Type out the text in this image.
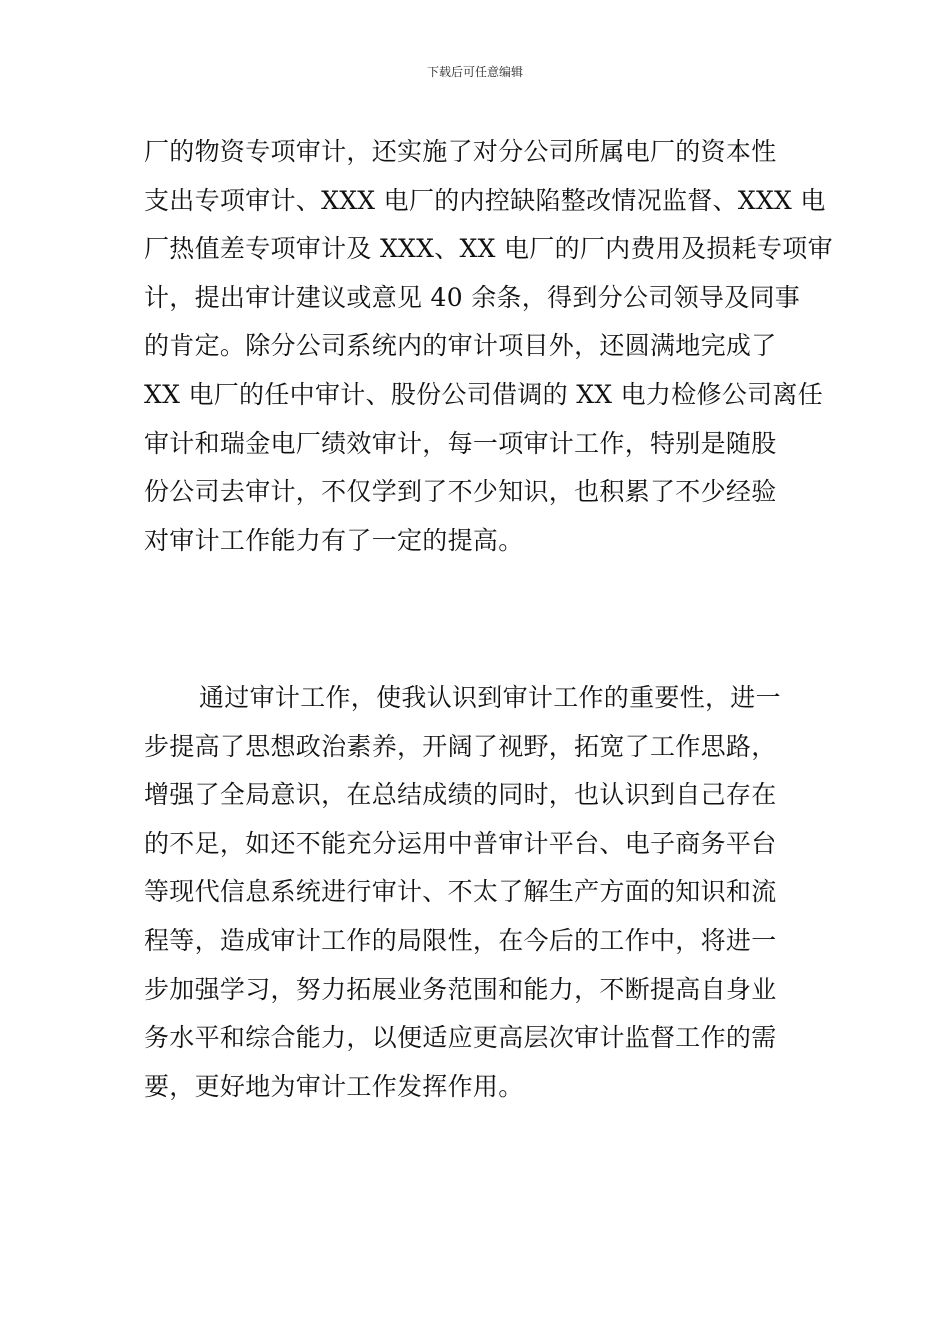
下载后可任意编辑
厂的物资专项审计，还实施了对分公司所属电厂的资本性
支出专项审计、XXX 电厂的内控缺陷整改情况监督、XXX 电
厂热值差专项审计及 XXX、XX 电厂的厂内费用及损耗专项审
计，提出审计建议或意见 40 余条，得到分公司领导及同事
的肯定。除分公司系统内的审计项目外，还圆满地完成了
XX 电厂的任中审计、股份公司借调的 XX 电力检修公司离任
审计和瑞金电厂绩效审计，每一项审计工作，特别是随股
份公司去审计，不仅学到了不少知识，也积累了不少经验
对审计工作能力有了一定的提高。
通过审计工作，使我认识到审计工作的重要性，进一
步提高了思想政治素养，开阔了视野，拓宽了工作思路，
增强了全局意识，在总结成绩的同时，也认识到自己存在
的不足，如还不能充分运用中普审计平台、电子商务平台
等现代信息系统进行审计、不太了解生产方面的知识和流
程等，造成审计工作的局限性，在今后的工作中，将进一
步加强学习，努力拓展业务范围和能力，不断提高自身业
务水平和综合能力，以便适应更高层次审计监督工作的需
要，更好地为审计工作发挥作用。
